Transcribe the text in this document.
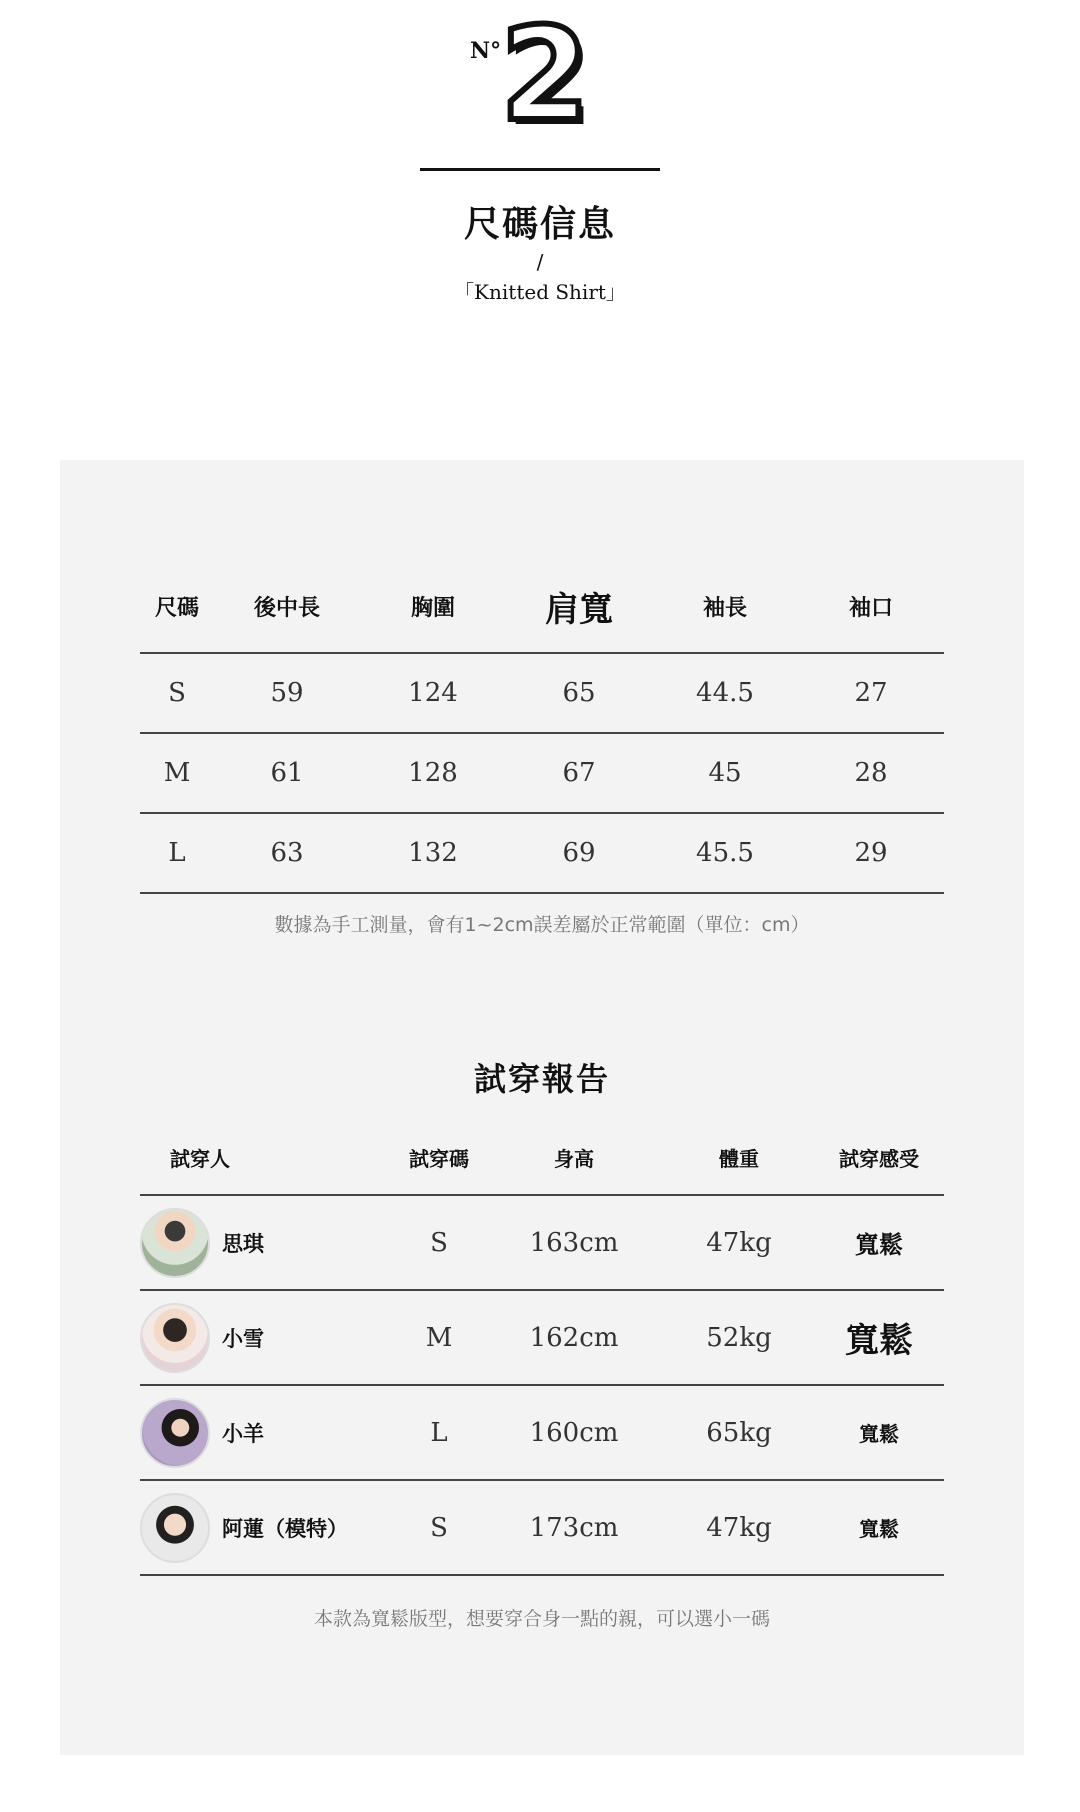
N° 2
尺碼信息
/
「Knitted Shirt」
尺碼	後中長	胸圍	肩寬	袖長	袖口
S	59	124	65	44.5	27
M	61	128	67	45	28
L	63	132	69	45.5	29
數據為手工測量，會有1~2cm誤差屬於正常範圍（單位：cm）
試穿報告
試穿人	試穿碼	身高	體重	試穿感受
思琪	S	163cm	47kg	寬鬆
小雪	M	162cm	52kg	寬鬆
小羊	L	160cm	65kg	寬鬆
阿蓮（模特）	S	173cm	47kg	寬鬆
本款為寬鬆版型，想要穿合身一點的親，可以選小一碼
